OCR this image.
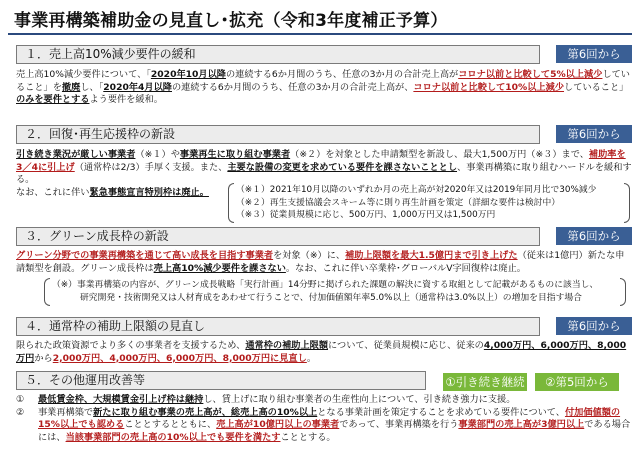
事業再構築補助金の見直し･拡充（令和3年度補正予算）
１．売上高10%減少要件の緩和	第6回から
売上高10%減少要件について、「2020年10月以降の連続する6か月間のうち、任意の3か月の合計売上高がコロナ以前と比較して5%以上減少していること」を撤廃し、「2020年4月以降の連続する6か月間のうち、任意の3か月の合計売上高が、コロナ以前と比較して10%以上減少していること」のみを要件とするよう要件を緩和。
２．回復･再生応援枠の新設	第6回から
引き続き業況が厳しい事業者（※１）や事業再生に取り組む事業者（※２）を対象とした申請類型を新設し、最大1,500万円（※３）まで、補助率を3／4に引上げ（通常枠は2/3）手厚く支援。また、主要な設備の変更を求めている要件を課さないこととし、事業再構築に取り組むハードルを緩和する。
なお、これに伴い緊急事態宣言特別枠は廃止。	（※１）2021年10月以降のいずれか月の売上高が対2020年又は2019年同月比で30%減少
（※２）再生支援協議会スキーム等に則り再生計画を策定（詳細な要件は検討中）
（※３）従業員規模に応じ、500万円、1,000万円又は1,500万円
３．グリーン成長枠の新設	第6回から
グリーン分野での事業再構築を通じて高い成長を目指す事業者を対象（※）に、補助上限額を最大1.5億円まで引き上げた（従来は1億円）新たな申請類型を創設。グリーン成長枠は売上高10%減少要件を課さない。なお、これに伴い卒業枠･グローバルV字回復枠は廃止。
（※）事業再構築の内容が、グリーン成長戦略「実行計画」14分野に掲げられた課題の解決に資する取組として記載があるものに該当し、
研究開発・技術開発又は人材育成をあわせて行うことで、付加価値額年率5.0%以上（通常枠は3.0%以上）の増加を目指す場合
４．通常枠の補助上限額の見直し	第6回から
限られた政策資源でより多くの事業者を支援するため、通常枠の補助上限額について、従業員規模に応じ、従来の4,000万円、6,000万円、8,000万円から2,000万円、4,000万円、6,000万円、8,000万円に見直し。
５．その他運用改善等	①引き続き継続	②第5回から
①	最低賃金枠、大規模賃金引上げ枠は継持し、賃上げに取り組む事業者の生産性向上について、引き続き強力に支援。
②	事業再構築で新たに取り組む事業の売上高が、総売上高の10%以上となる事業計画を策定することを求めている要件について、付加価値額の15%以上でも認めることとするとともに、売上高が10億円以上の事業者であって、事業再構築を行う事業部門の売上高が3億円以上である場合には、当該事業部門の売上高の10%以上でも要件を満たすこととする。
